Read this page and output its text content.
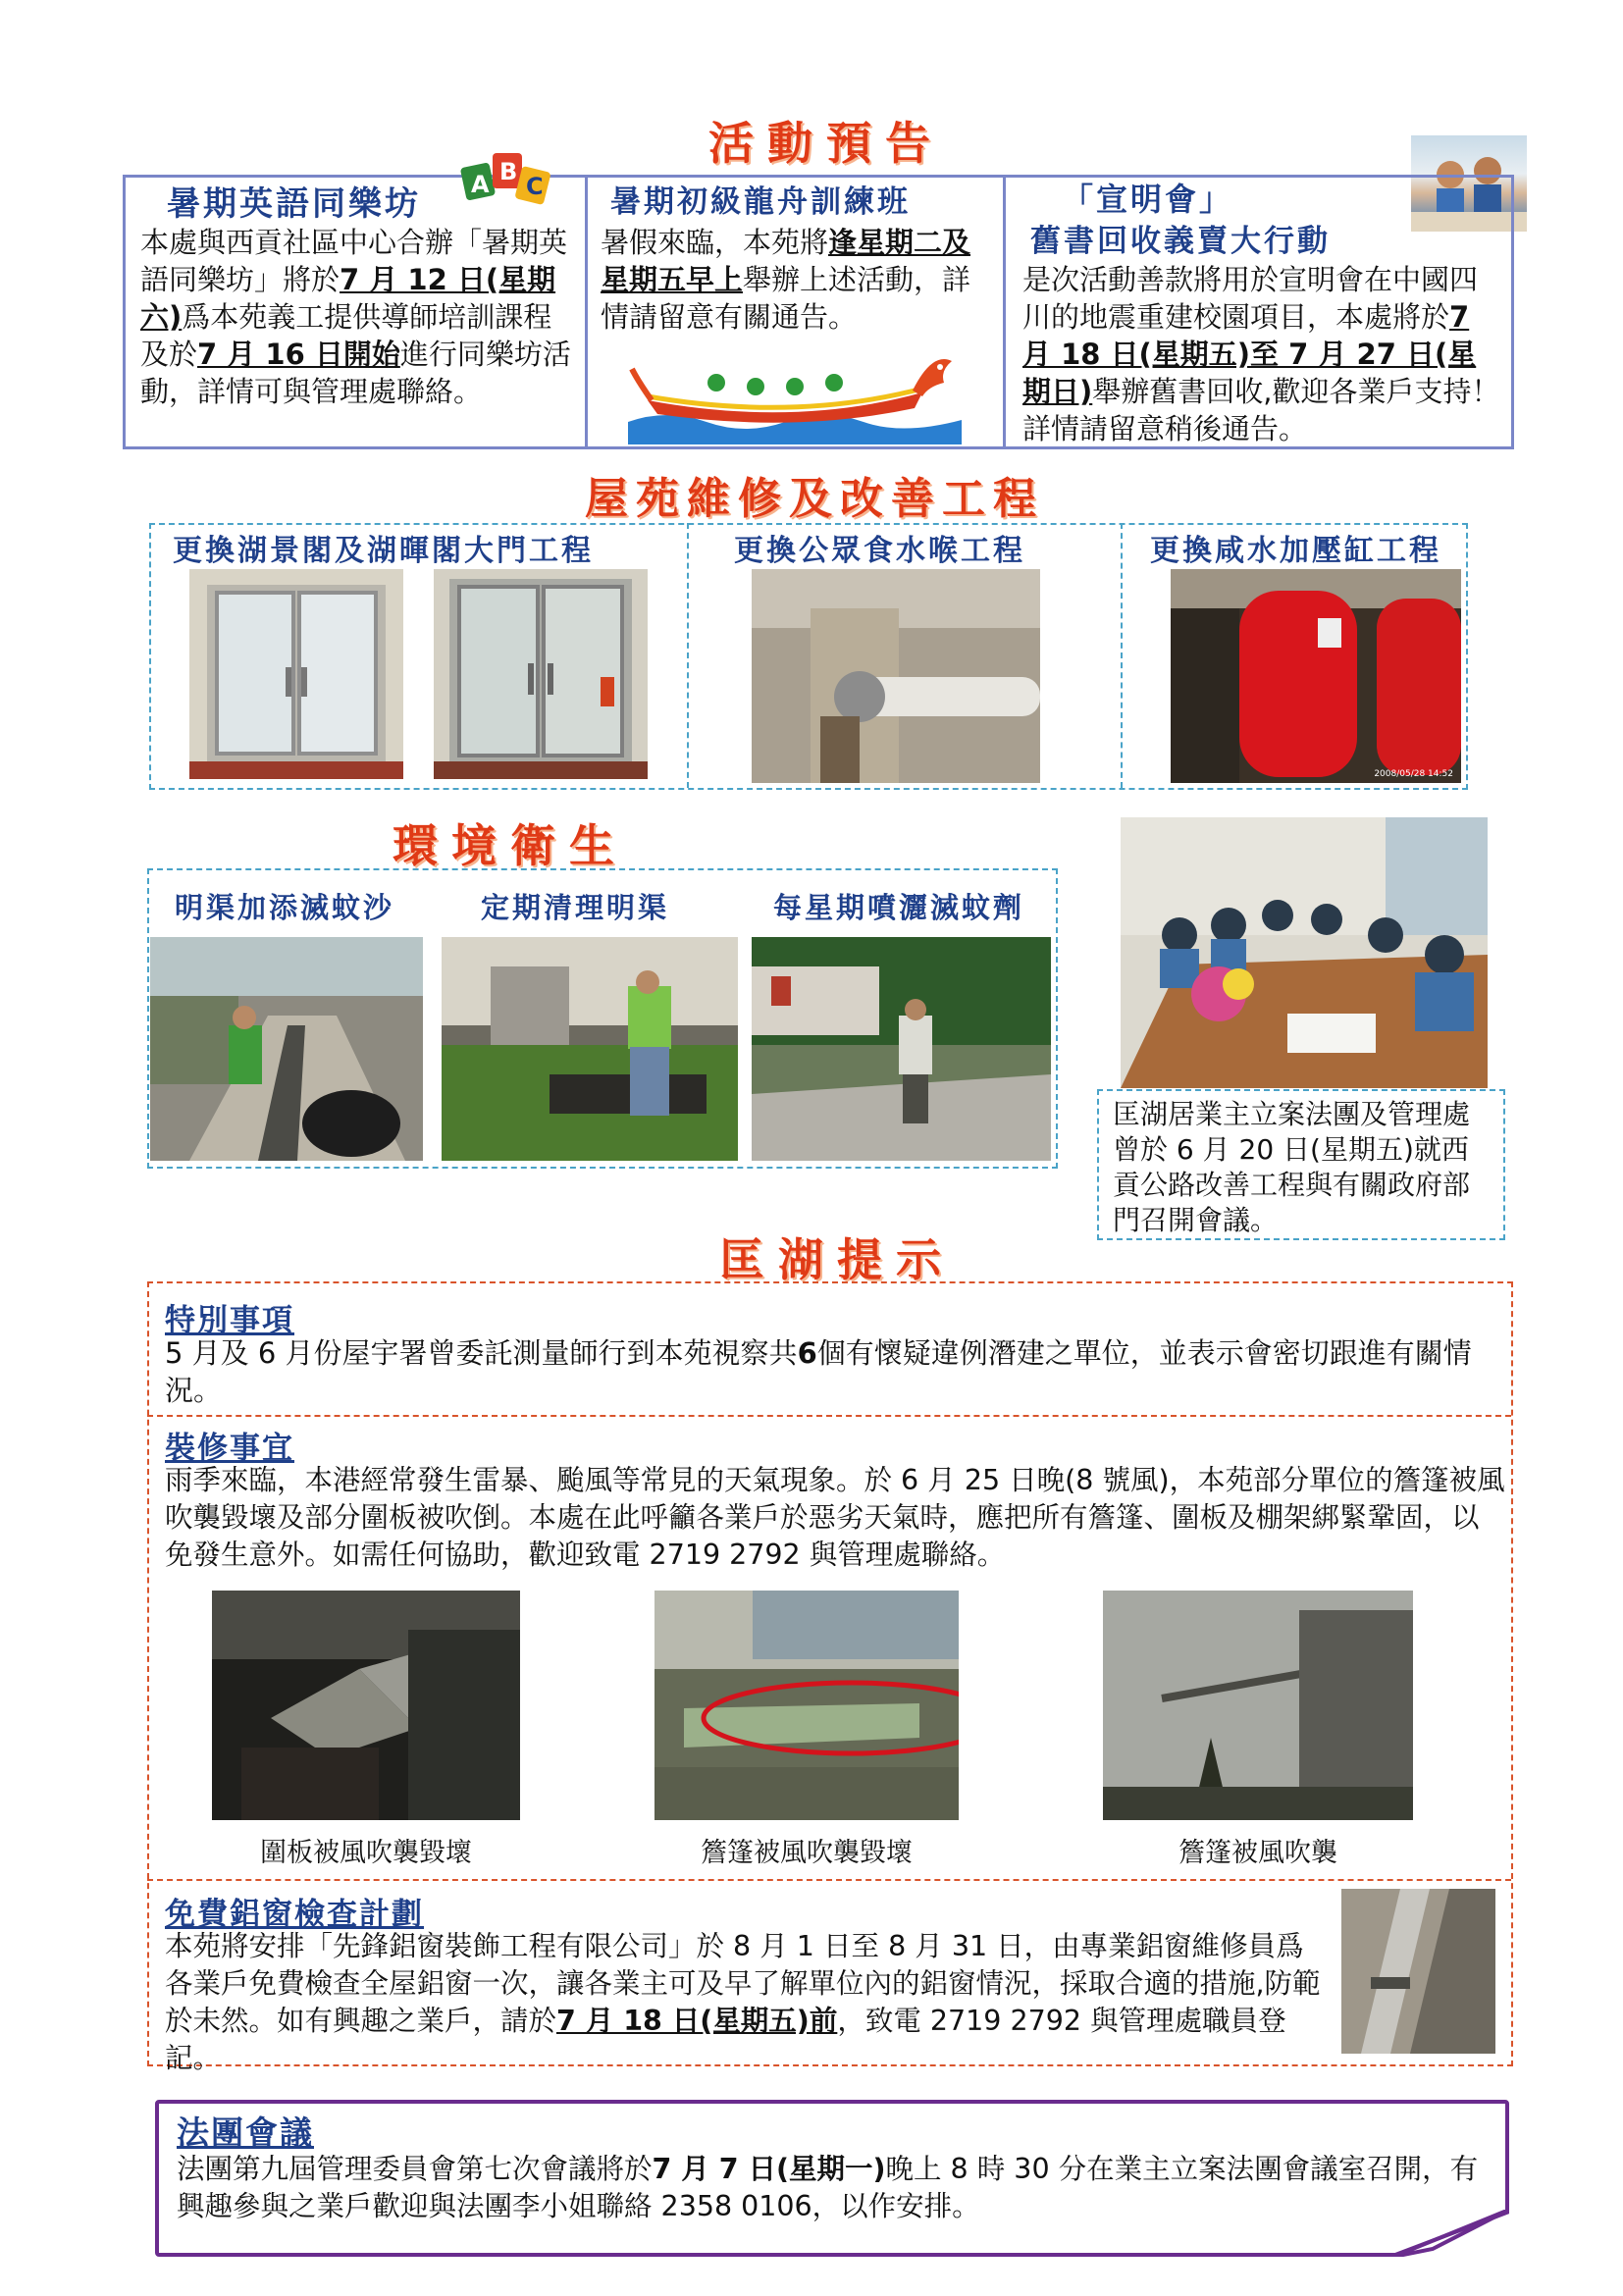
活動預告
暑期英語同樂坊 A B
C
本處與西貢社區中心合辦「暑期英語同樂坊」將於7 月 12 日(星期六)爲本苑義工提供導師培訓課程及於7 月 16 日開始進行同樂坊活動，詳情可與管理處聯絡。
暑期初級龍舟訓練班
暑假來臨，本苑將逢星期二及 星期五早上舉辦上述活動，詳情請留意有關通告。
「宣明會」
舊書回收義賣大行動
是次活動善款將用於宣明會在中國四川的地震重建校園項目，本處將於7 月 18 日(星期五)至 7 月 27 日(星期日)舉辦舊書回收,歡迎各業戶支持！詳情請留意稍後通告。
屋苑維修及改善工程
更換湖景閣及湖暉閣大門工程	更換公眾食水喉工程	更換咸水加壓缸工程
2008/05/28 14:52
環境衛生
明渠加添滅蚊沙	定期清理明渠	每星期噴灑滅蚊劑
匡湖居業主立案法團及管理處曾於 6 月 20 日(星期五)就西貢公路改善工程與有關政府部門召開會議。
匡湖提示
特別事項
5 月及 6 月份屋宇署曾委託測量師行到本苑視察共6個有懷疑違例潛建之單位，並表示會密切跟進有關情況。
裝修事宜
雨季來臨，本港經常發生雷暴、颱風等常見的天氣現象。於 6 月 25 日晚(8 號風)，本苑部分單位的簷篷被風吹襲毀壞及部分圍板被吹倒。本處在此呼籲各業戶於惡劣天氣時，應把所有簷篷、圍板及棚架綁緊鞏固，以免發生意外。如需任何協助，歡迎致電 2719 2792 與管理處聯絡。
圍板被風吹襲毀壞	簷篷被風吹襲毀壞	簷篷被風吹襲
免費鋁窗檢查計劃
本苑將安排「先鋒鋁窗裝飾工程有限公司」於 8 月 1 日至 8 月 31 日，由專業鋁窗維修員爲各業戶免費檢查全屋鋁窗一次，讓各業主可及早了解單位內的鋁窗情況，採取合適的措施,防範於未然。如有興趣之業戶，請於7 月 18 日(星期五)前，致電 2719 2792 與管理處職員登記。
法團會議
法團第九屆管理委員會第七次會議將於7 月 7 日(星期一)晚上 8 時 30 分在業主立案法團會議室召開，有興趣參與之業戶歡迎與法團李小姐聯絡 2358 0106，以作安排。
